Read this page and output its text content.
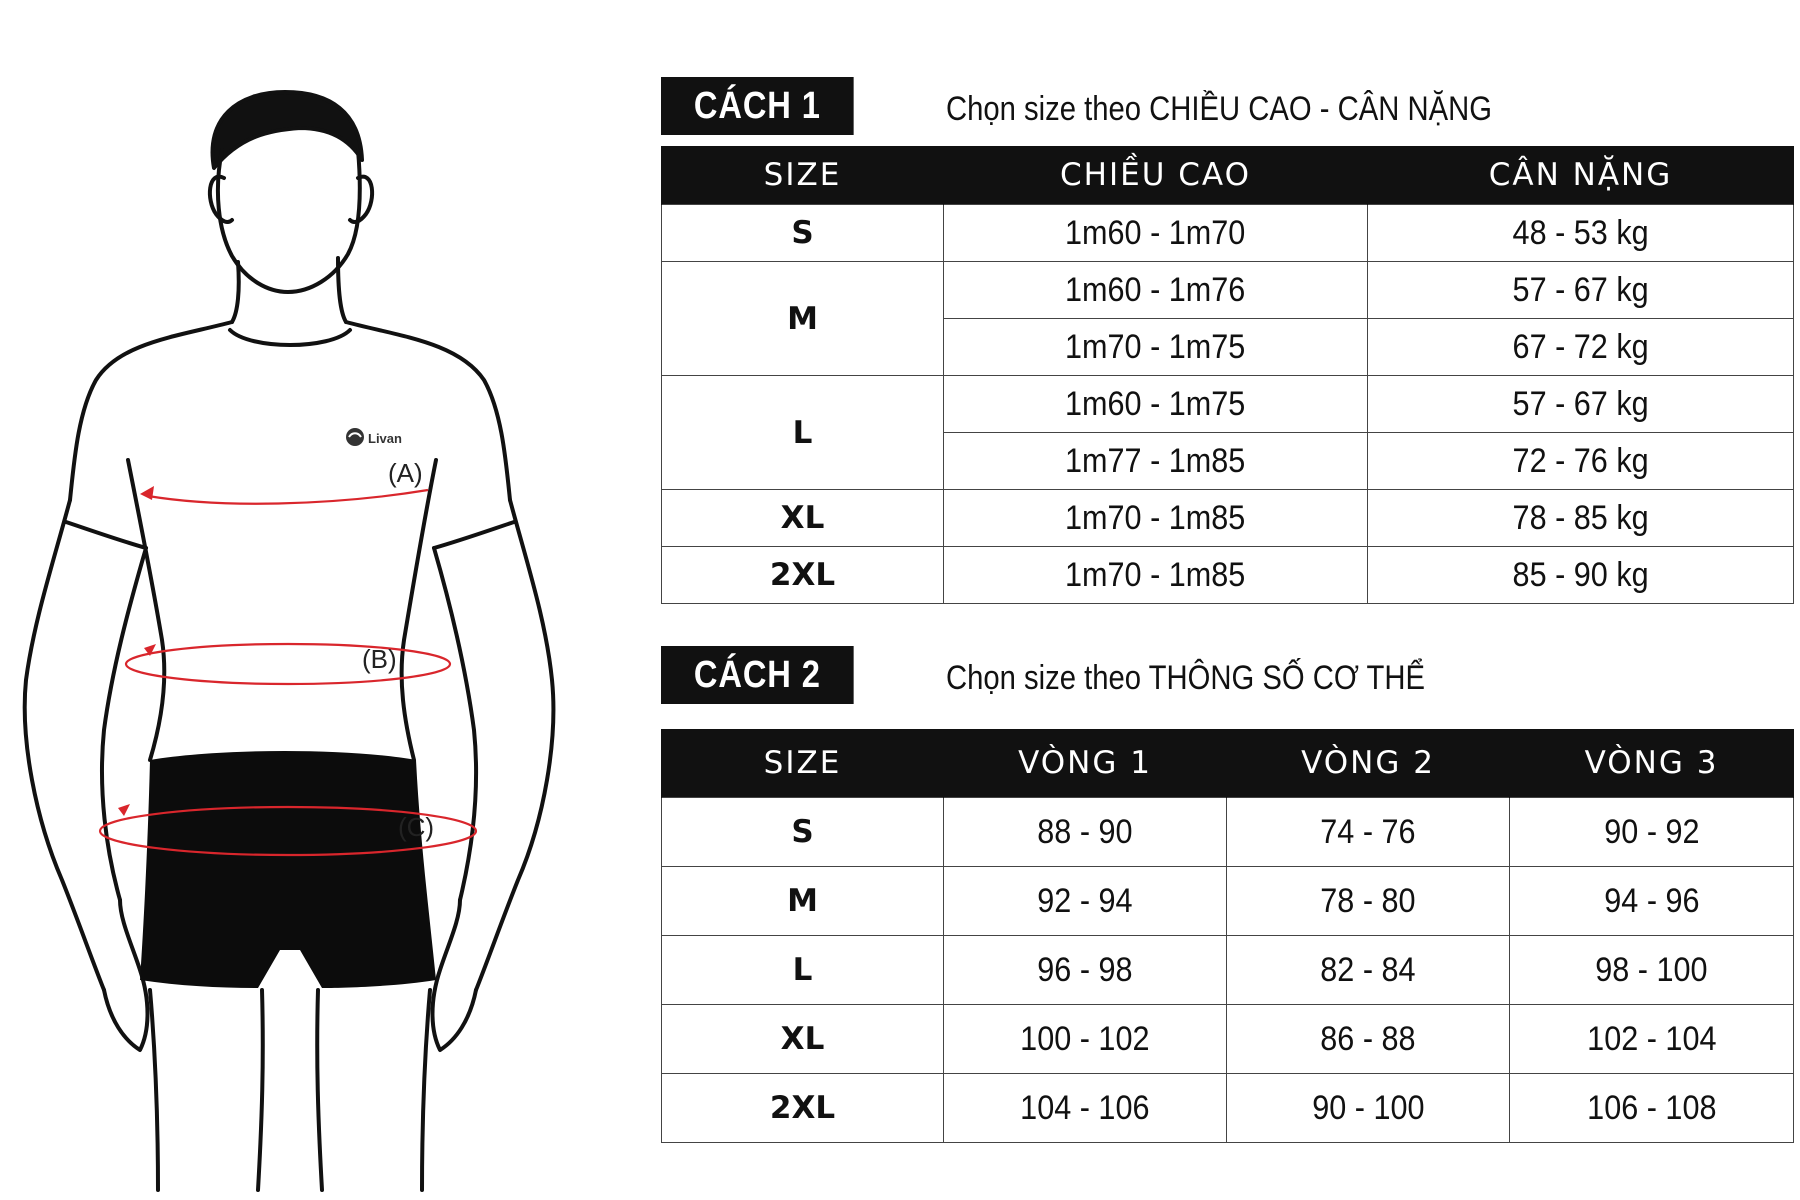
Livan
(A)
(B)
(C)
CÁCH 1	Chọn size theo CHIỀU CAO - CÂN NẶNG
SIZE	CHIỀU CAO	CÂN NẶNG
S	1m60 - 1m70	48 - 53 kg
M	1m60 - 1m76	57 - 67 kg
	1m70 - 1m75	67 - 72 kg
L	1m60 - 1m75	57 - 67 kg
	1m77 - 1m85	72 - 76 kg
XL	1m70 - 1m85	78 - 85 kg
2XL	1m70 - 1m85	85 - 90 kg
CÁCH 2	Chọn size theo THÔNG SỐ CƠ THỂ
SIZE	VÒNG 1	VÒNG 2	VÒNG 3
S	88 - 90	74 - 76	90 - 92
M	92 - 94	78 - 80	94 - 96
L	96 - 98	82 - 84	98 - 100
XL	100 - 102	86 - 88	102 - 104
2XL	104 - 106	90 - 100	106 - 108
